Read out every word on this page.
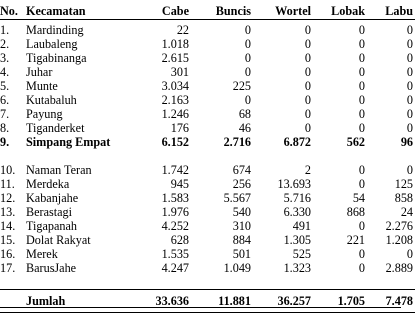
No.	Kecamatan	Cabe	Buncis	Wortel	Lobak	Labu
1.	Mardinding	22	0	0	0	0
2.	Laubaleng	1.018	0	0	0	0
3.	Tigabinanga	2.615	0	0	0	0
4.	Juhar	301	0	0	0	0
5.	Munte	3.034	225	0	0	0
6.	Kutabaluh	2.163	0	0	0	0
7.	Payung	1.246	68	0	0	0
8.	Tiganderket	176	46	0	0	0
9.	Simpang Empat	6.152	2.716	6.872	562	96
10.	Naman Teran	1.742	674	2	0	0
11.	Merdeka	945	256	13.693	0	125
12.	Kabanjahe	1.583	5.567	5.716	54	858
13.	Berastagi	1.976	540	6.330	868	24
14.	Tigapanah	4.252	310	491	0	2.276
15.	Dolat Rakyat	628	884	1.305	221	1.208
16.	Merek	1.535	501	525	0	0
17.	BarusJahe	4.247	1.049	1.323	0	2.889

	Jumlah	33.636	11.881	36.257	1.705	7.478
